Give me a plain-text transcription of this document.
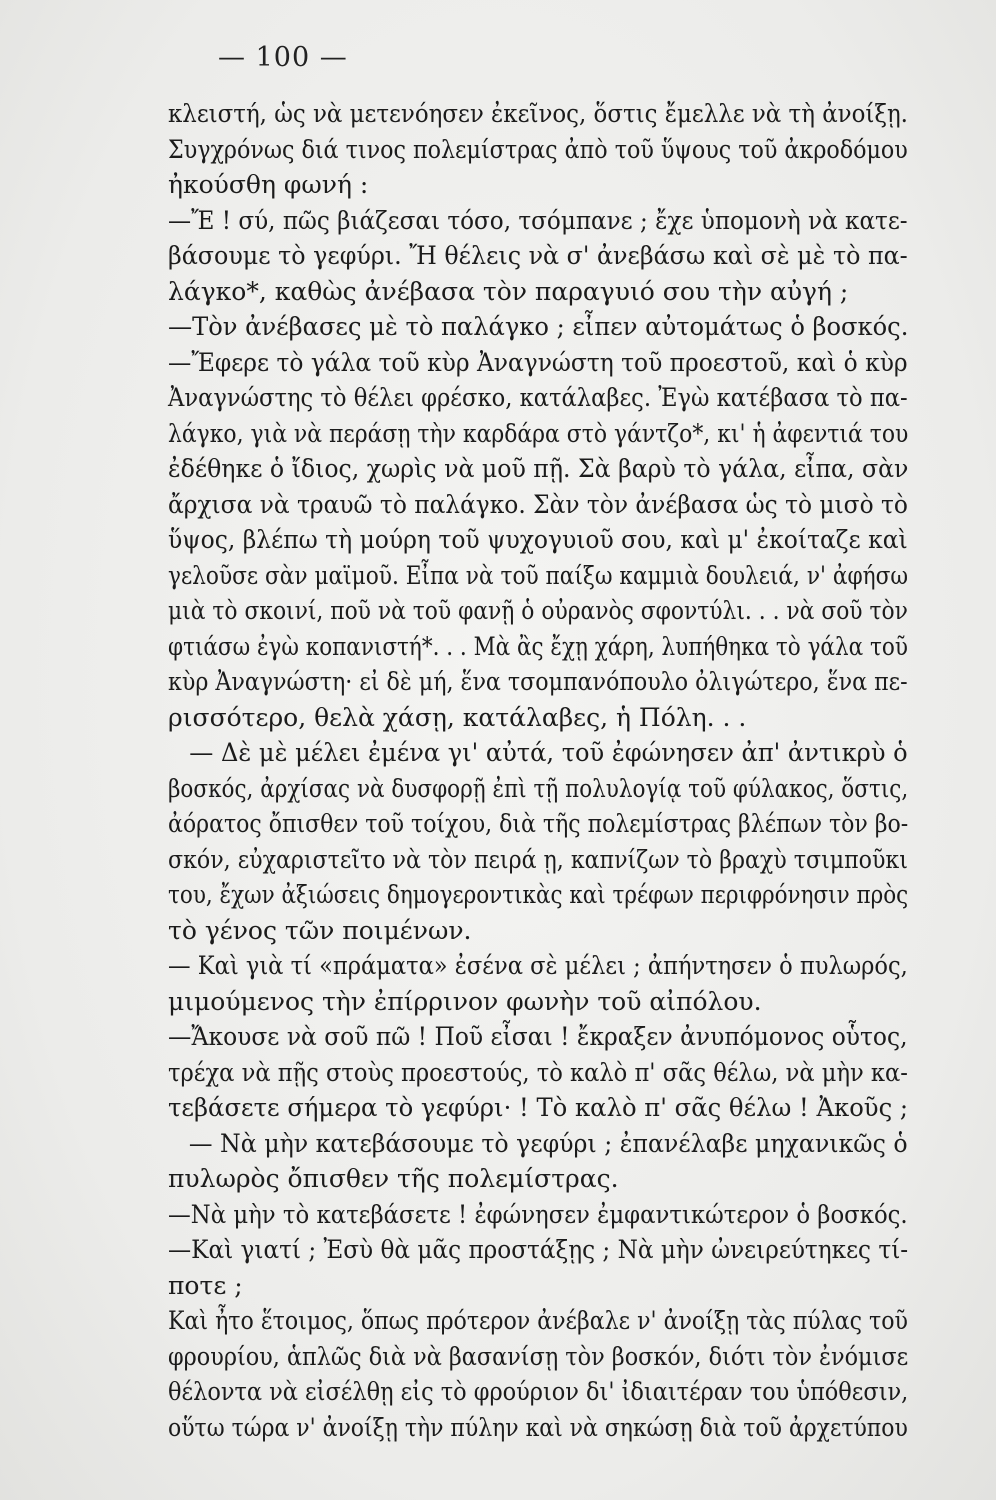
— 100 —
κλειστή, ὡς νὰ μετενόησεν ἐκεῖνος, ὅστις ἔμελλε νὰ τὴ ἀνοίξῃ.
Συγχρόνως διά τινος πολεμίστρας ἀπὸ τοῦ ὕψους τοῦ ἀκροδόμου
ἠκούσθη φωνή :
—Ἔ ! σύ, πῶς βιάζεσαι τόσο, τσόμπανε ; ἔχε ὑπομονὴ νὰ κατε-
βάσουμε τὸ γεφύρι. Ἤ θέλεις νὰ σ' ἀνεβάσω καὶ σὲ μὲ τὸ πα-
λάγκο*, καθὼς ἀνέβασα τὸν παραγυιό σου τὴν αὐγή ;
—Τὸν ἀνέβασες μὲ τὸ παλάγκο ; εἶπεν αὐτομάτως ὁ βοσκός.
—Ἔφερε τὸ γάλα τοῦ κὺρ Ἀναγνώστη τοῦ προεστοῦ, καὶ ὁ κὺρ
Ἀναγνώστης τὸ θέλει φρέσκο, κατάλαβες. Ἐγὼ κατέβασα τὸ πα-
λάγκο, γιὰ νὰ περάσῃ τὴν καρδάρα στὸ γάντζο*, κι' ἡ ἀφεντιά του
ἐδέθηκε ὁ ἴδιος, χωρὶς νὰ μοῦ πῇ. Σὰ βαρὺ τὸ γάλα, εἶπα, σὰν
ἄρχισα νὰ τραυῶ τὸ παλάγκο. Σὰν τὸν ἀνέβασα ὡς τὸ μισὸ τὸ
ὕψος, βλέπω τὴ μούρη τοῦ ψυχογυιοῦ σου, καὶ μ' ἐκοίταζε καὶ
γελοῦσε σὰν μαϊμοῦ. Εἶπα νὰ τοῦ παίξω καμμιὰ δουλειά, ν' ἀφήσω
μιὰ τὸ σκοινί, ποῦ νὰ τοῦ φανῇ ὁ οὐρανὸς σφοντύλι. . . νὰ σοῦ τὸν
φτιάσω ἐγὼ κοπανιστή*. . . Μὰ ἂς ἔχῃ χάρη, λυπήθηκα τὸ γάλα τοῦ
κὺρ Ἀναγνώστη· εἰ δὲ μή, ἕνα τσομπανόπουλο ὀλιγώτερο, ἕνα πε-
ρισσότερο, θελὰ χάσῃ, κατάλαβες, ἡ Πόλη. . .
— Δὲ μὲ μέλει ἐμένα γι' αὐτά, τοῦ ἐφώνησεν ἀπ' ἀντικρὺ ὁ
βοσκός, ἀρχίσας νὰ δυσφορῇ ἐπὶ τῇ πολυλογίᾳ τοῦ φύλακος, ὅστις,
ἀόρατος ὄπισθεν τοῦ τοίχου, διὰ τῆς πολεμίστρας βλέπων τὸν βο-
σκόν, εὐχαριστεῖτο νὰ τὸν πειρά ῃ, καπνίζων τὸ βραχὺ τσιμποῦκι
του, ἔχων ἀξιώσεις δημογεροντικὰς καὶ τρέφων περιφρόνησιν πρὸς
τὸ γένος τῶν ποιμένων.
— Καὶ γιὰ τί «πράματα» ἐσένα σὲ μέλει ; ἀπήντησεν ὁ πυλωρός,
μιμούμενος τὴν ἐπίρρινον φωνὴν τοῦ αἰπόλου.
—Ἄκουσε νὰ σοῦ πῶ ! Ποῦ εἶσαι ! ἔκραξεν ἀνυπόμονος οὗτος,
τρέχα νὰ πῇς στοὺς προεστούς, τὸ καλὸ π' σᾶς θέλω, νὰ μὴν κα-
τεβάσετε σήμερα τὸ γεφύρι· ! Τὸ καλὸ π' σᾶς θέλω ! Ἀκοῦς ;
— Νὰ μὴν κατεβάσουμε τὸ γεφύρι ; ἐπανέλαβε μηχανικῶς ὁ
πυλωρὸς ὄπισθεν τῆς πολεμίστρας.
—Νὰ μὴν τὸ κατεβάσετε ! ἐφώνησεν ἐμφαντικώτερον ὁ βοσκός.
—Καὶ γιατί ; Ἐσὺ θὰ μᾶς προστάξῃς ; Νὰ μὴν ὠνειρεύτηκες τί-
ποτε ;
Καὶ ἦτο ἕτοιμος, ὅπως πρότερον ἀνέβαλε ν' ἀνοίξῃ τὰς πύλας τοῦ
φρουρίου, ἁπλῶς διὰ νὰ βασανίσῃ τὸν βοσκόν, διότι τὸν ἐνόμισε
θέλοντα νὰ εἰσέλθῃ εἰς τὸ φρούριον δι' ἰδιαιτέραν του ὑπόθεσιν,
οὕτω τώρα ν' ἀνοίξῃ τὴν πύλην καὶ νὰ σηκώσῃ διὰ τοῦ ἀρχετύπου
